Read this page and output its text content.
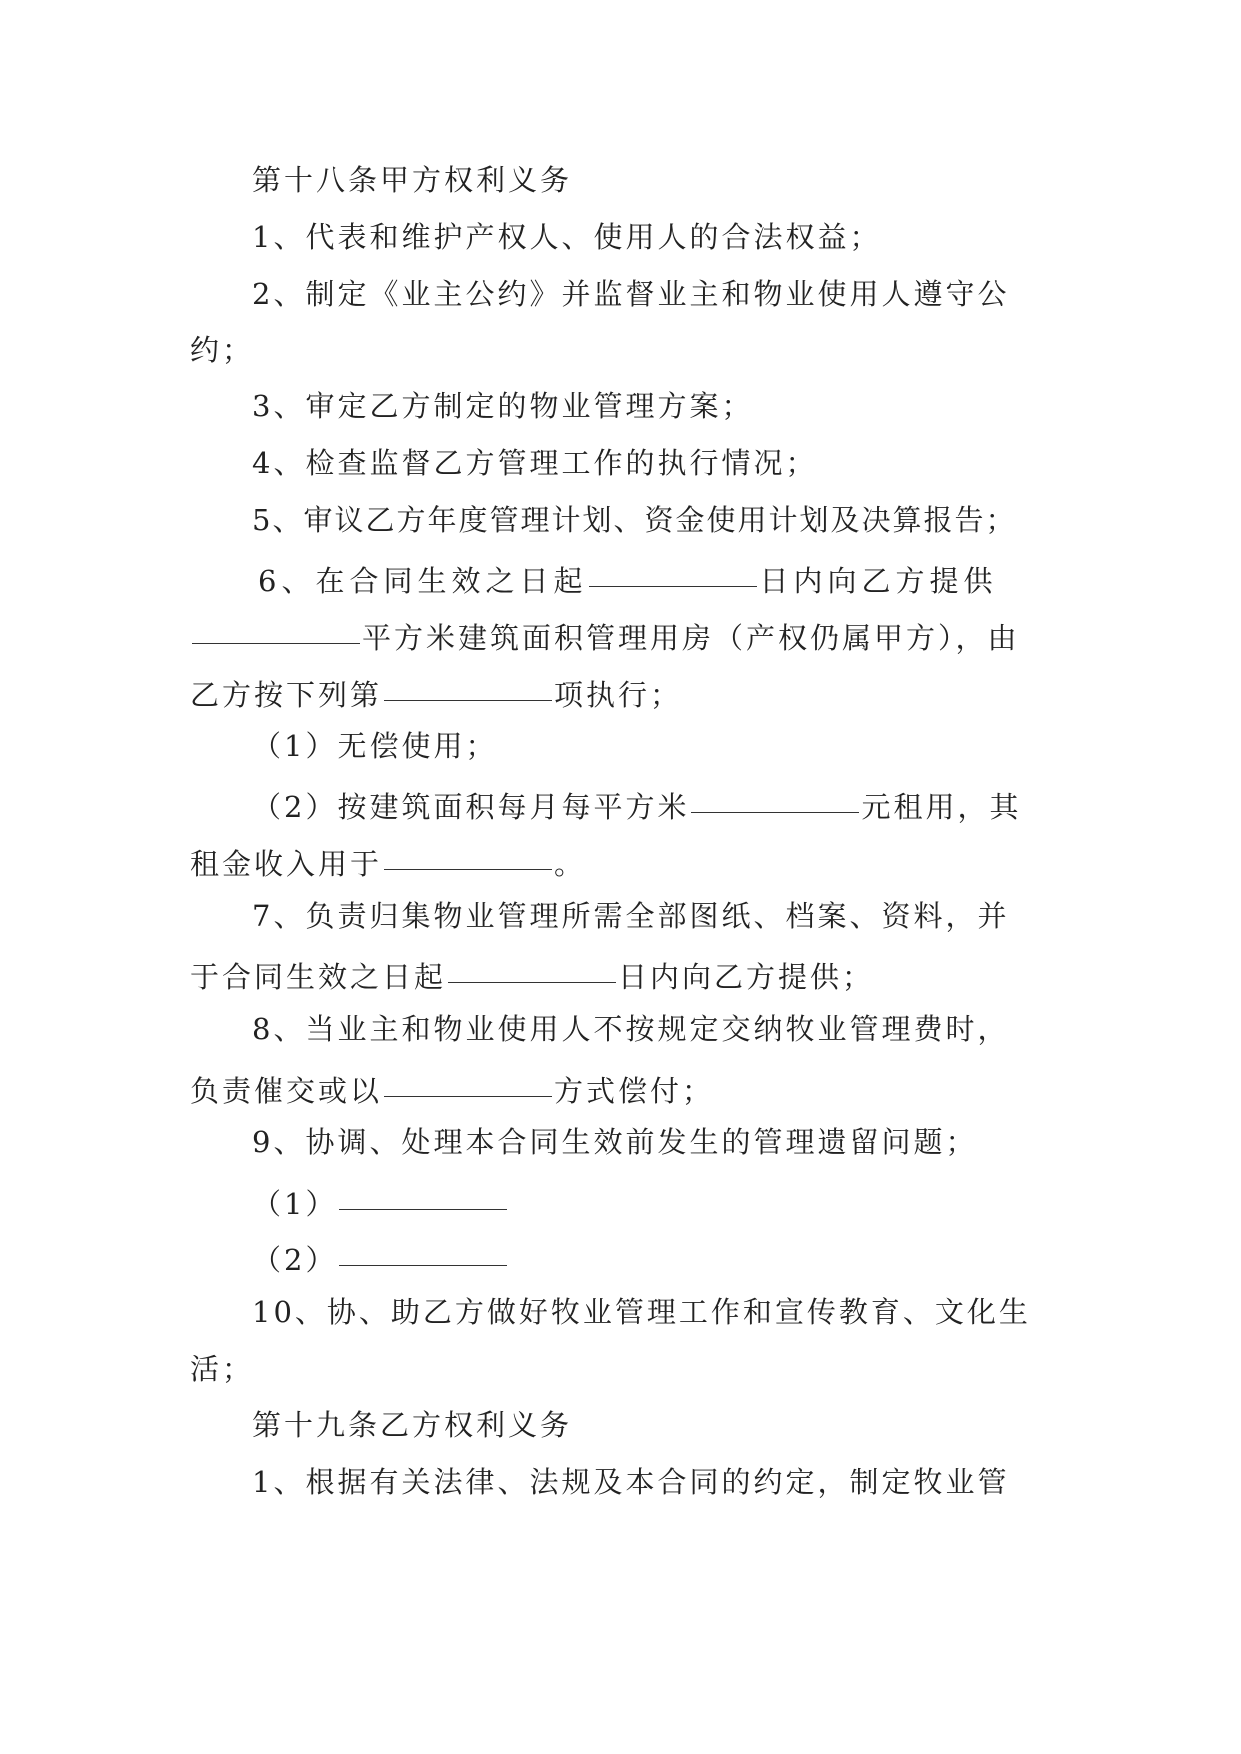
第十八条甲方权利义务
1、代表和维护产权人、使用人的合法权益；
2、制定《业主公约》并监督业主和物业使用人遵守公
约；
3、审定乙方制定的物业管理方案；
4、检查监督乙方管理工作的执行情况；
5、审议乙方年度管理计划、资金使用计划及决算报告；
6、在合同生效之日起	日内向乙方提供
平方米建筑面积管理用房（产权仍属甲方），由
乙方按下列第	项执行；
（1）无偿使用；
（2）按建筑面积每月每平方米	元租用，其
租金收入用于	。
7、负责归集物业管理所需全部图纸、档案、资料，并
于合同生效之日起	日内向乙方提供；
8、当业主和物业使用人不按规定交纳牧业管理费时，
负责催交或以	方式偿付；
9、协调、处理本合同生效前发生的管理遗留问题；
（1）
（2）
10、协、助乙方做好牧业管理工作和宣传教育、文化生
活；
第十九条乙方权利义务
1、根据有关法律、法规及本合同的约定，制定牧业管
